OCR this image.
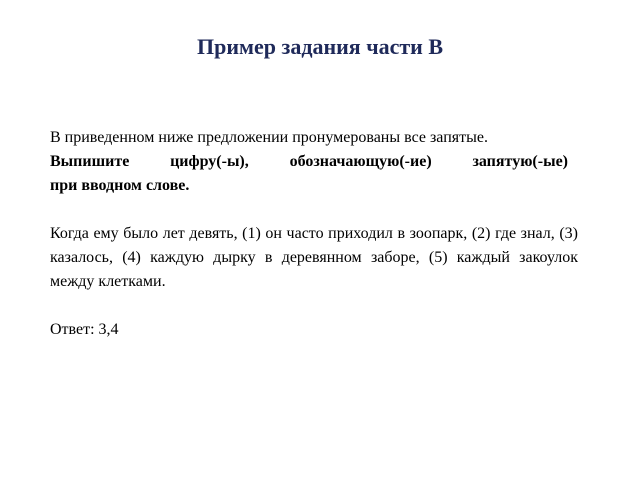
Пример задания части В
В приведенном ниже предложении пронумерованы все запятые.
Выпишите цифру(-ы), обозначающую(-ие) запятую(-ые)
при вводном слове.
Когда ему было лет девять, (1) он часто приходил в зоопарк, (2) где знал, (3) казалось, (4) каждую дырку в деревянном заборе, (5) каждый закоулок между клетками.
Ответ: 3,4
